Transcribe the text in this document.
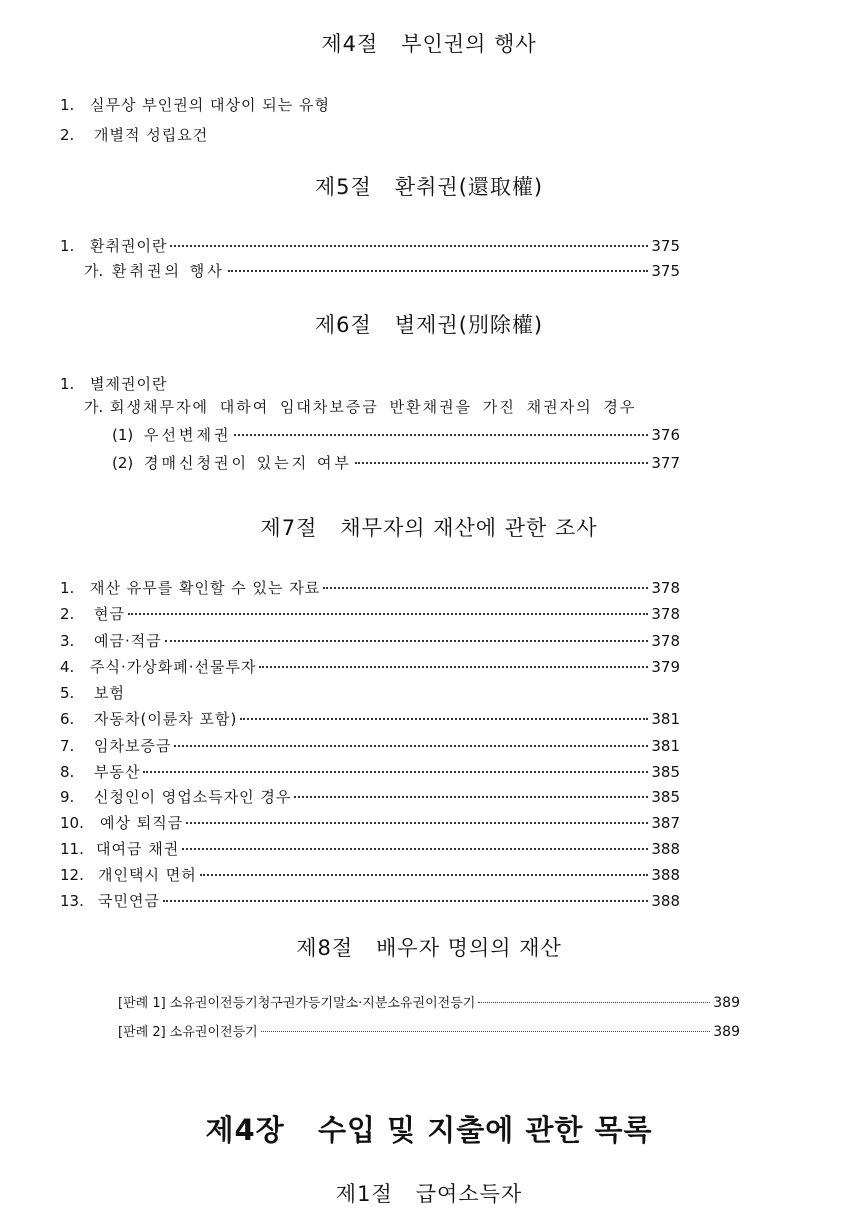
제4절   부인권의 행사
1.	실무상 부인권의 대상이 되는 유형
2.	개별적 성립요건
제5절   환취권(還取權)
1.	환취권이란	375
가. 환취권의 행사	375
제6절   별제권(別除權)
1.	별제권이란
가. 회생채무자에 대하여 임대차보증금 반환채권을 가진 채권자의 경우
(1) 우선변제권	376
(2) 경매신청권이 있는지 여부	377
제7절   채무자의 재산에 관한 조사
1.	재산 유무를 확인할 수 있는 자료	378
2.	현금	378
3.	예금·적금	378
4.	주식·가상화폐·선물투자	379
5.	보험
6.	자동차(이륜차 포함)	381
7.	임차보증금	381
8.	부동산	385
9.	신청인이 영업소득자인 경우	385
10.	예상 퇴직금	387
11. 대여금 채권	388
12. 개인택시 면허	388
13. 국민연금	388
제8절   배우자 명의의 재산
[판례 1] 소유권이전등기청구권가등기말소·지분소유권이전등기	389
[판례 2] 소유권이전등기	389
제4장   수입 및 지출에 관한 목록
제1절   급여소득자
